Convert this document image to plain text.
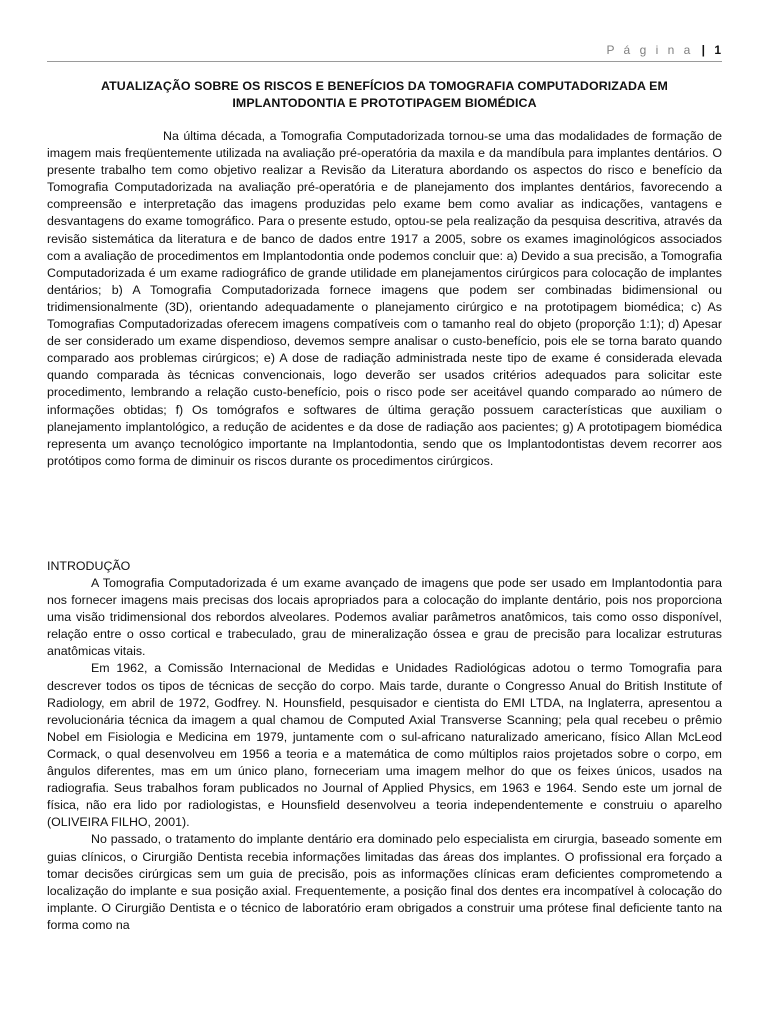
P á g i n a | 1
ATUALIZAÇÃO SOBRE OS RISCOS E BENEFÍCIOS DA TOMOGRAFIA COMPUTADORIZADA EM
IMPLANTODONTIA E PROTOTIPAGEM BIOMÉDICA
Na última década, a Tomografia Computadorizada tornou-se uma das modalidades de formação de imagem mais freqüentemente utilizada na avaliação pré-operatória da maxila e da mandíbula para implantes dentários. O presente trabalho tem como objetivo realizar a Revisão da Literatura abordando os aspectos do risco e benefício da Tomografia Computadorizada na avaliação pré-operatória e de planejamento dos implantes dentários, favorecendo a compreensão e interpretação das imagens produzidas pelo exame bem como avaliar as indicações, vantagens e desvantagens do exame tomográfico. Para o presente estudo, optou-se pela realização da pesquisa descritiva, através da revisão sistemática da literatura e de banco de dados entre 1917 a 2005, sobre os exames imaginológicos associados com a avaliação de procedimentos em Implantodontia onde podemos concluir que: a) Devido a sua precisão, a Tomografia Computadorizada é um exame radiográfico de grande utilidade em planejamentos cirúrgicos para colocação de implantes dentários; b) A Tomografia Computadorizada fornece imagens que podem ser combinadas bidimensional ou tridimensionalmente (3D), orientando adequadamente o planejamento cirúrgico e na prototipagem biomédica; c) As Tomografias Computadorizadas oferecem imagens compatíveis com o tamanho real do objeto (proporção 1:1); d) Apesar de ser considerado um exame dispendioso, devemos sempre analisar o custo-benefício, pois ele se torna barato quando comparado aos problemas cirúrgicos; e) A dose de radiação administrada neste tipo de exame é considerada elevada quando comparada às técnicas convencionais, logo deverão ser usados critérios adequados para solicitar este procedimento, lembrando a relação custo-benefício, pois o risco pode ser aceitável quando comparado ao número de informações obtidas; f) Os tomógrafos e softwares de última geração possuem características que auxiliam o planejamento implantológico, a redução de acidentes e da dose de radiação aos pacientes; g) A prototipagem biomédica representa um avanço tecnológico importante na Implantodontia, sendo que os Implantodontistas devem recorrer aos protótipos como forma de diminuir os riscos durante os procedimentos cirúrgicos.
INTRODUÇÃO

A Tomografia Computadorizada é um exame avançado de imagens que pode ser usado em Implantodontia para nos fornecer imagens mais precisas dos locais apropriados para a colocação do implante dentário, pois nos proporciona uma visão tridimensional dos rebordos alveolares. Podemos avaliar parâmetros anatômicos, tais como osso disponível, relação entre o osso cortical e trabeculado, grau de mineralização óssea e grau de precisão para localizar estruturas anatômicas vitais.

Em 1962, a Comissão Internacional de Medidas e Unidades Radiológicas adotou o termo Tomografia para descrever todos os tipos de técnicas de secção do corpo. Mais tarde, durante o Congresso Anual do British Institute of Radiology, em abril de 1972, Godfrey. N. Hounsfield, pesquisador e cientista do EMI LTDA, na Inglaterra, apresentou a revolucionária técnica da imagem a qual chamou de Computed Axial Transverse Scanning; pela qual recebeu o prêmio Nobel em Fisiologia e Medicina em 1979, juntamente com o sul-africano naturalizado americano, físico Allan McLeod Cormack, o qual desenvolveu em 1956 a teoria e a matemática de como múltiplos raios projetados sobre o corpo, em ângulos diferentes, mas em um único plano, forneceriam uma imagem melhor do que os feixes únicos, usados na radiografia. Seus trabalhos foram publicados no Journal of Applied Physics, em 1963 e 1964. Sendo este um jornal de física, não era lido por radiologistas, e Hounsfield desenvolveu a teoria independentemente e construiu o aparelho (OLIVEIRA FILHO, 2001).

No passado, o tratamento do implante dentário era dominado pelo especialista em cirurgia, baseado somente em guias clínicos, o Cirurgião Dentista recebia informações limitadas das áreas dos implantes. O profissional era forçado a tomar decisões cirúrgicas sem um guia de precisão, pois as informações clínicas eram deficientes comprometendo a localização do implante e sua posição axial. Frequentemente, a posição final dos dentes era incompatível à colocação do implante. O Cirurgião Dentista e o técnico de laboratório eram obrigados a construir uma prótese final deficiente tanto na forma como na
